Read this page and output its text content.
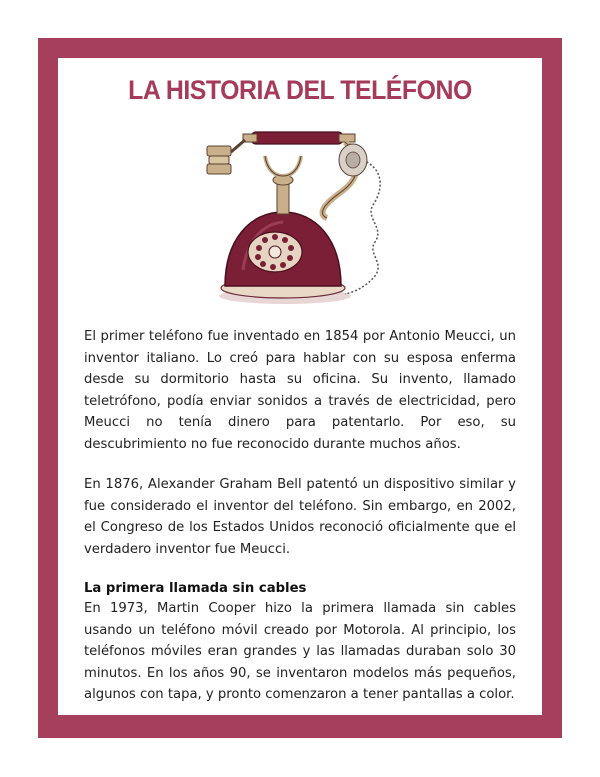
LA HISTORIA DEL TELÉFONO

El primer teléfono fue inventado en 1854 por Antonio Meucci, un inventor italiano. Lo creó para hablar con su esposa enferma desde su dormitorio hasta su oficina. Su invento, llamado teletrófono, podía enviar sonidos a través de electricidad, pero Meucci no tenía dinero para patentarlo. Por eso, su descubrimiento no fue reconocido durante muchos años.

En 1876, Alexander Graham Bell patentó un dispositivo similar y fue considerado el inventor del teléfono. Sin embargo, en 2002, el Congreso de los Estados Unidos reconoció oficialmente que el verdadero inventor fue Meucci.

La primera llamada sin cables

En 1973, Martin Cooper hizo la primera llamada sin cables usando un teléfono móvil creado por Motorola. Al principio, los teléfonos móviles eran grandes y las llamadas duraban solo 30 minutos. En los años 90, se inventaron modelos más pequeños, algunos con tapa, y pronto comenzaron a tener pantallas a color.
